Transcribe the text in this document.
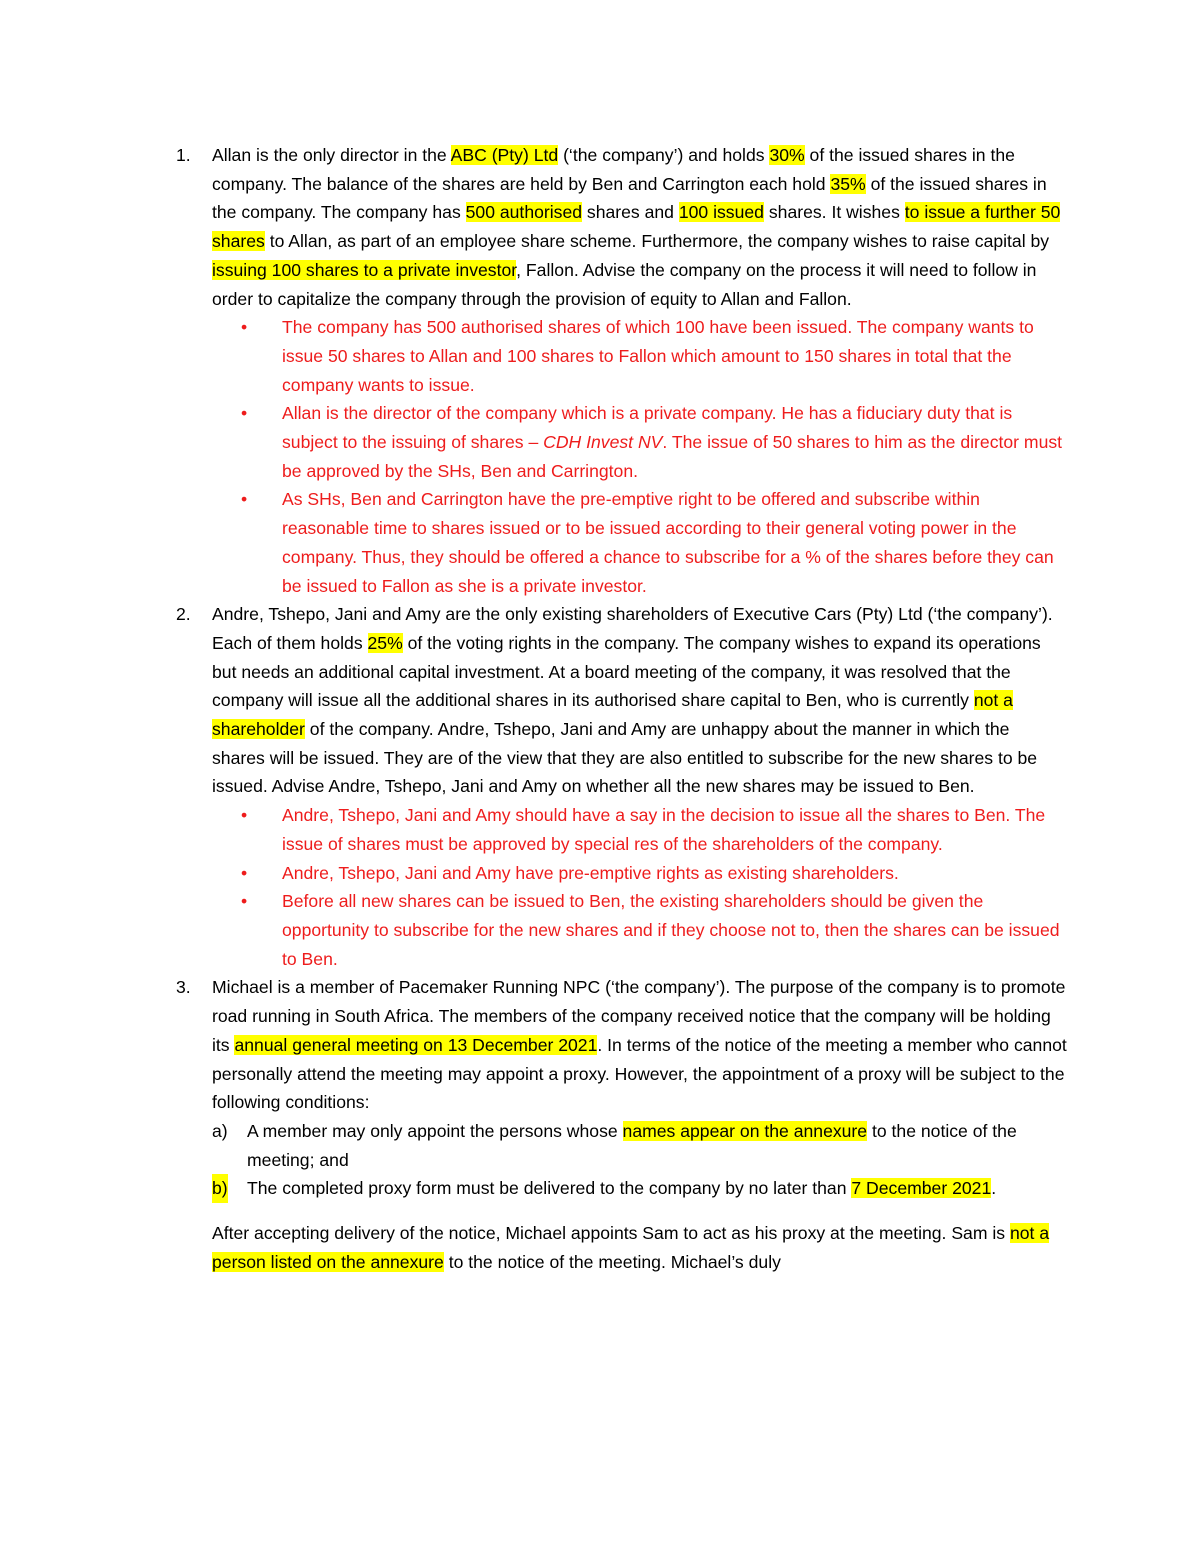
1. Allan is the only director in the ABC (Pty) Ltd (‘the company’) and holds 30% of the issued shares in the company. The balance of the shares are held by Ben and Carrington each hold 35% of the issued shares in the company. The company has 500 authorised shares and 100 issued shares. It wishes to issue a further 50 shares to Allan, as part of an employee share scheme. Furthermore, the company wishes to raise capital by issuing 100 shares to a private investor, Fallon. Advise the company on the process it will need to follow in order to capitalize the company through the provision of equity to Allan and Fallon.
• The company has 500 authorised shares of which 100 have been issued. The company wants to issue 50 shares to Allan and 100 shares to Fallon which amount to 150 shares in total that the company wants to issue.
• Allan is the director of the company which is a private company. He has a fiduciary duty that is subject to the issuing of shares – CDH Invest NV. The issue of 50 shares to him as the director must be approved by the SHs, Ben and Carrington.
• As SHs, Ben and Carrington have the pre-emptive right to be offered and subscribe within reasonable time to shares issued or to be issued according to their general voting power in the company. Thus, they should be offered a chance to subscribe for a % of the shares before they can be issued to Fallon as she is a private investor.
2. Andre, Tshepo, Jani and Amy are the only existing shareholders of Executive Cars (Pty) Ltd (‘the company’). Each of them holds 25% of the voting rights in the company. The company wishes to expand its operations but needs an additional capital investment. At a board meeting of the company, it was resolved that the company will issue all the additional shares in its authorised share capital to Ben, who is currently not a shareholder of the company. Andre, Tshepo, Jani and Amy are unhappy about the manner in which the shares will be issued. They are of the view that they are also entitled to subscribe for the new shares to be issued. Advise Andre, Tshepo, Jani and Amy on whether all the new shares may be issued to Ben.
• Andre, Tshepo, Jani and Amy should have a say in the decision to issue all the shares to Ben. The issue of shares must be approved by special res of the shareholders of the company.
• Andre, Tshepo, Jani and Amy have pre-emptive rights as existing shareholders.
• Before all new shares can be issued to Ben, the existing shareholders should be given the opportunity to subscribe for the new shares and if they choose not to, then the shares can be issued to Ben.
3. Michael is a member of Pacemaker Running NPC (‘the company’). The purpose of the company is to promote road running in South Africa. The members of the company received notice that the company will be holding its annual general meeting on 13 December 2021. In terms of the notice of the meeting a member who cannot personally attend the meeting may appoint a proxy. However, the appointment of a proxy will be subject to the following conditions:
a) A member may only appoint the persons whose names appear on the annexure to the notice of the meeting; and
b) The completed proxy form must be delivered to the company by no later than 7 December 2021.
After accepting delivery of the notice, Michael appoints Sam to act as his proxy at the meeting. Sam is not a person listed on the annexure to the notice of the meeting. Michael’s duly
